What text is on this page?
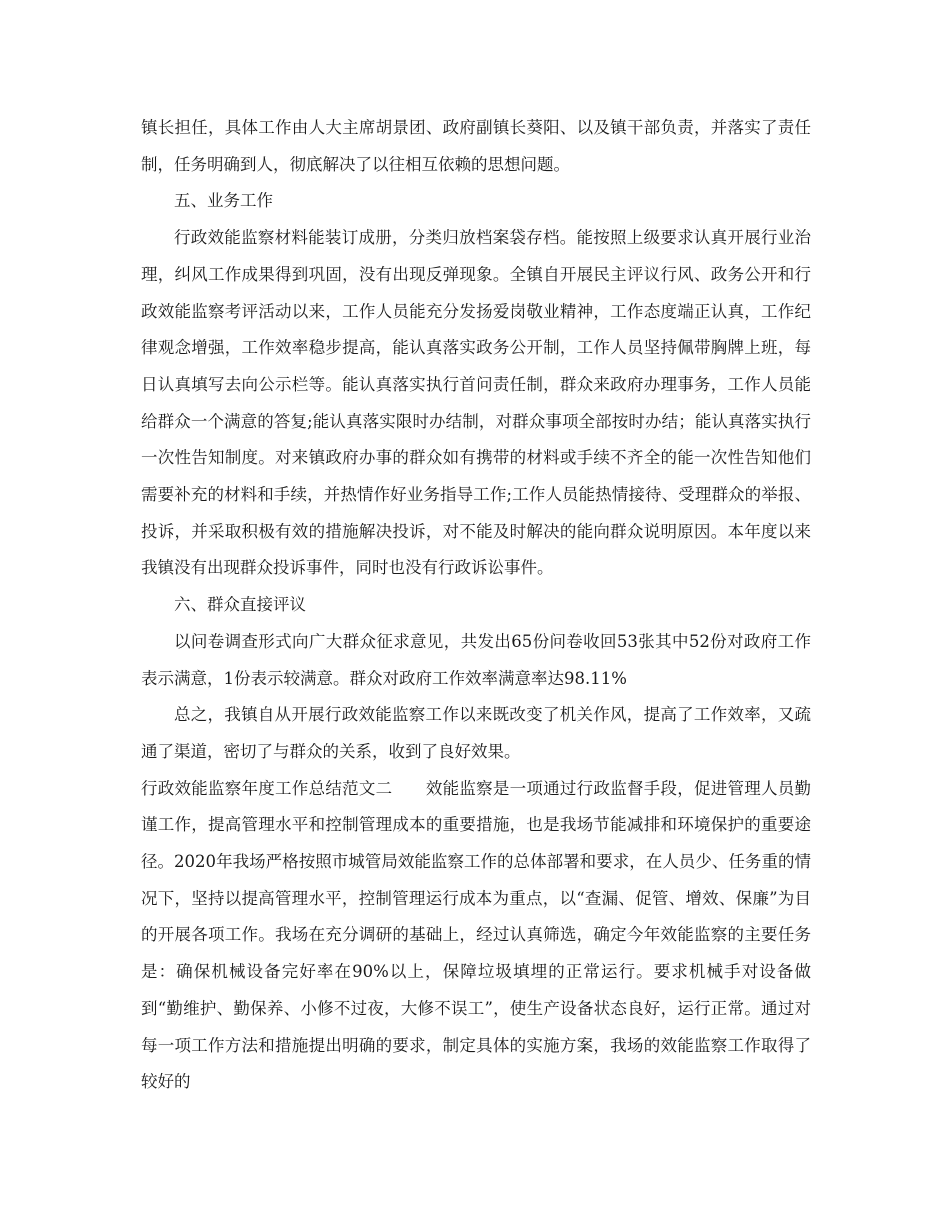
镇长担任，具体工作由人大主席胡景团、政府副镇长葵阳、以及镇干部负责，并落实了责任制，任务明确到人，彻底解决了以往相互依赖的思想问题。

五、业务工作

行政效能监察材料能装订成册，分类归放档案袋存档。能按照上级要求认真开展行业治理，纠风工作成果得到巩固，没有出现反弹现象。全镇自开展民主评议行风、政务公开和行政效能监察考评活动以来，工作人员能充分发扬爱岗敬业精神，工作态度端正认真，工作纪律观念增强，工作效率稳步提高，能认真落实政务公开制，工作人员坚持佩带胸牌上班，每日认真填写去向公示栏等。能认真落实执行首问责任制，群众来政府办理事务，工作人员能给群众一个满意的答复;能认真落实限时办结制，对群众事项全部按时办结；能认真落实执行一次性告知制度。对来镇政府办事的群众如有携带的材料或手续不齐全的能一次性告知他们需要补充的材料和手续，并热情作好业务指导工作;工作人员能热情接待、受理群众的举报、投诉，并采取积极有效的措施解决投诉，对不能及时解决的能向群众说明原因。本年度以来我镇没有出现群众投诉事件，同时也没有行政诉讼事件。

六、群众直接评议

以问卷调查形式向广大群众征求意见，共发出65份问卷收回53张其中52份对政府工作表示满意，1份表示较满意。群众对政府工作效率满意率达98.11%

总之，我镇自从开展行政效能监察工作以来既改变了机关作风，提高了工作效率，又疏通了渠道，密切了与群众的关系，收到了良好效果。

行政效能监察年度工作总结范文二　　 效能监察是一项通过行政监督手段，促进管理人员勤谨工作，提高管理水平和控制管理成本的重要措施，也是我场节能减排和环境保护的重要途径。2020年我场严格按照市城管局效能监察工作的总体部署和要求，在人员少、任务重的情况下，坚持以提高管理水平，控制管理运行成本为重点，以“查漏、促管、增效、保廉”为目的开展各项工作。我场在充分调研的基础上，经过认真筛选，确定今年效能监察的主要任务是：确保机械设备完好率在90%以上，保障垃圾填埋的正常运行。要求机械手对设备做到“勤维护、勤保养、小修不过夜，大修不误工”，使生产设备状态良好，运行正常。通过对每一项工作方法和措施提出明确的要求，制定具体的实施方案，我场的效能监察工作取得了较好的
